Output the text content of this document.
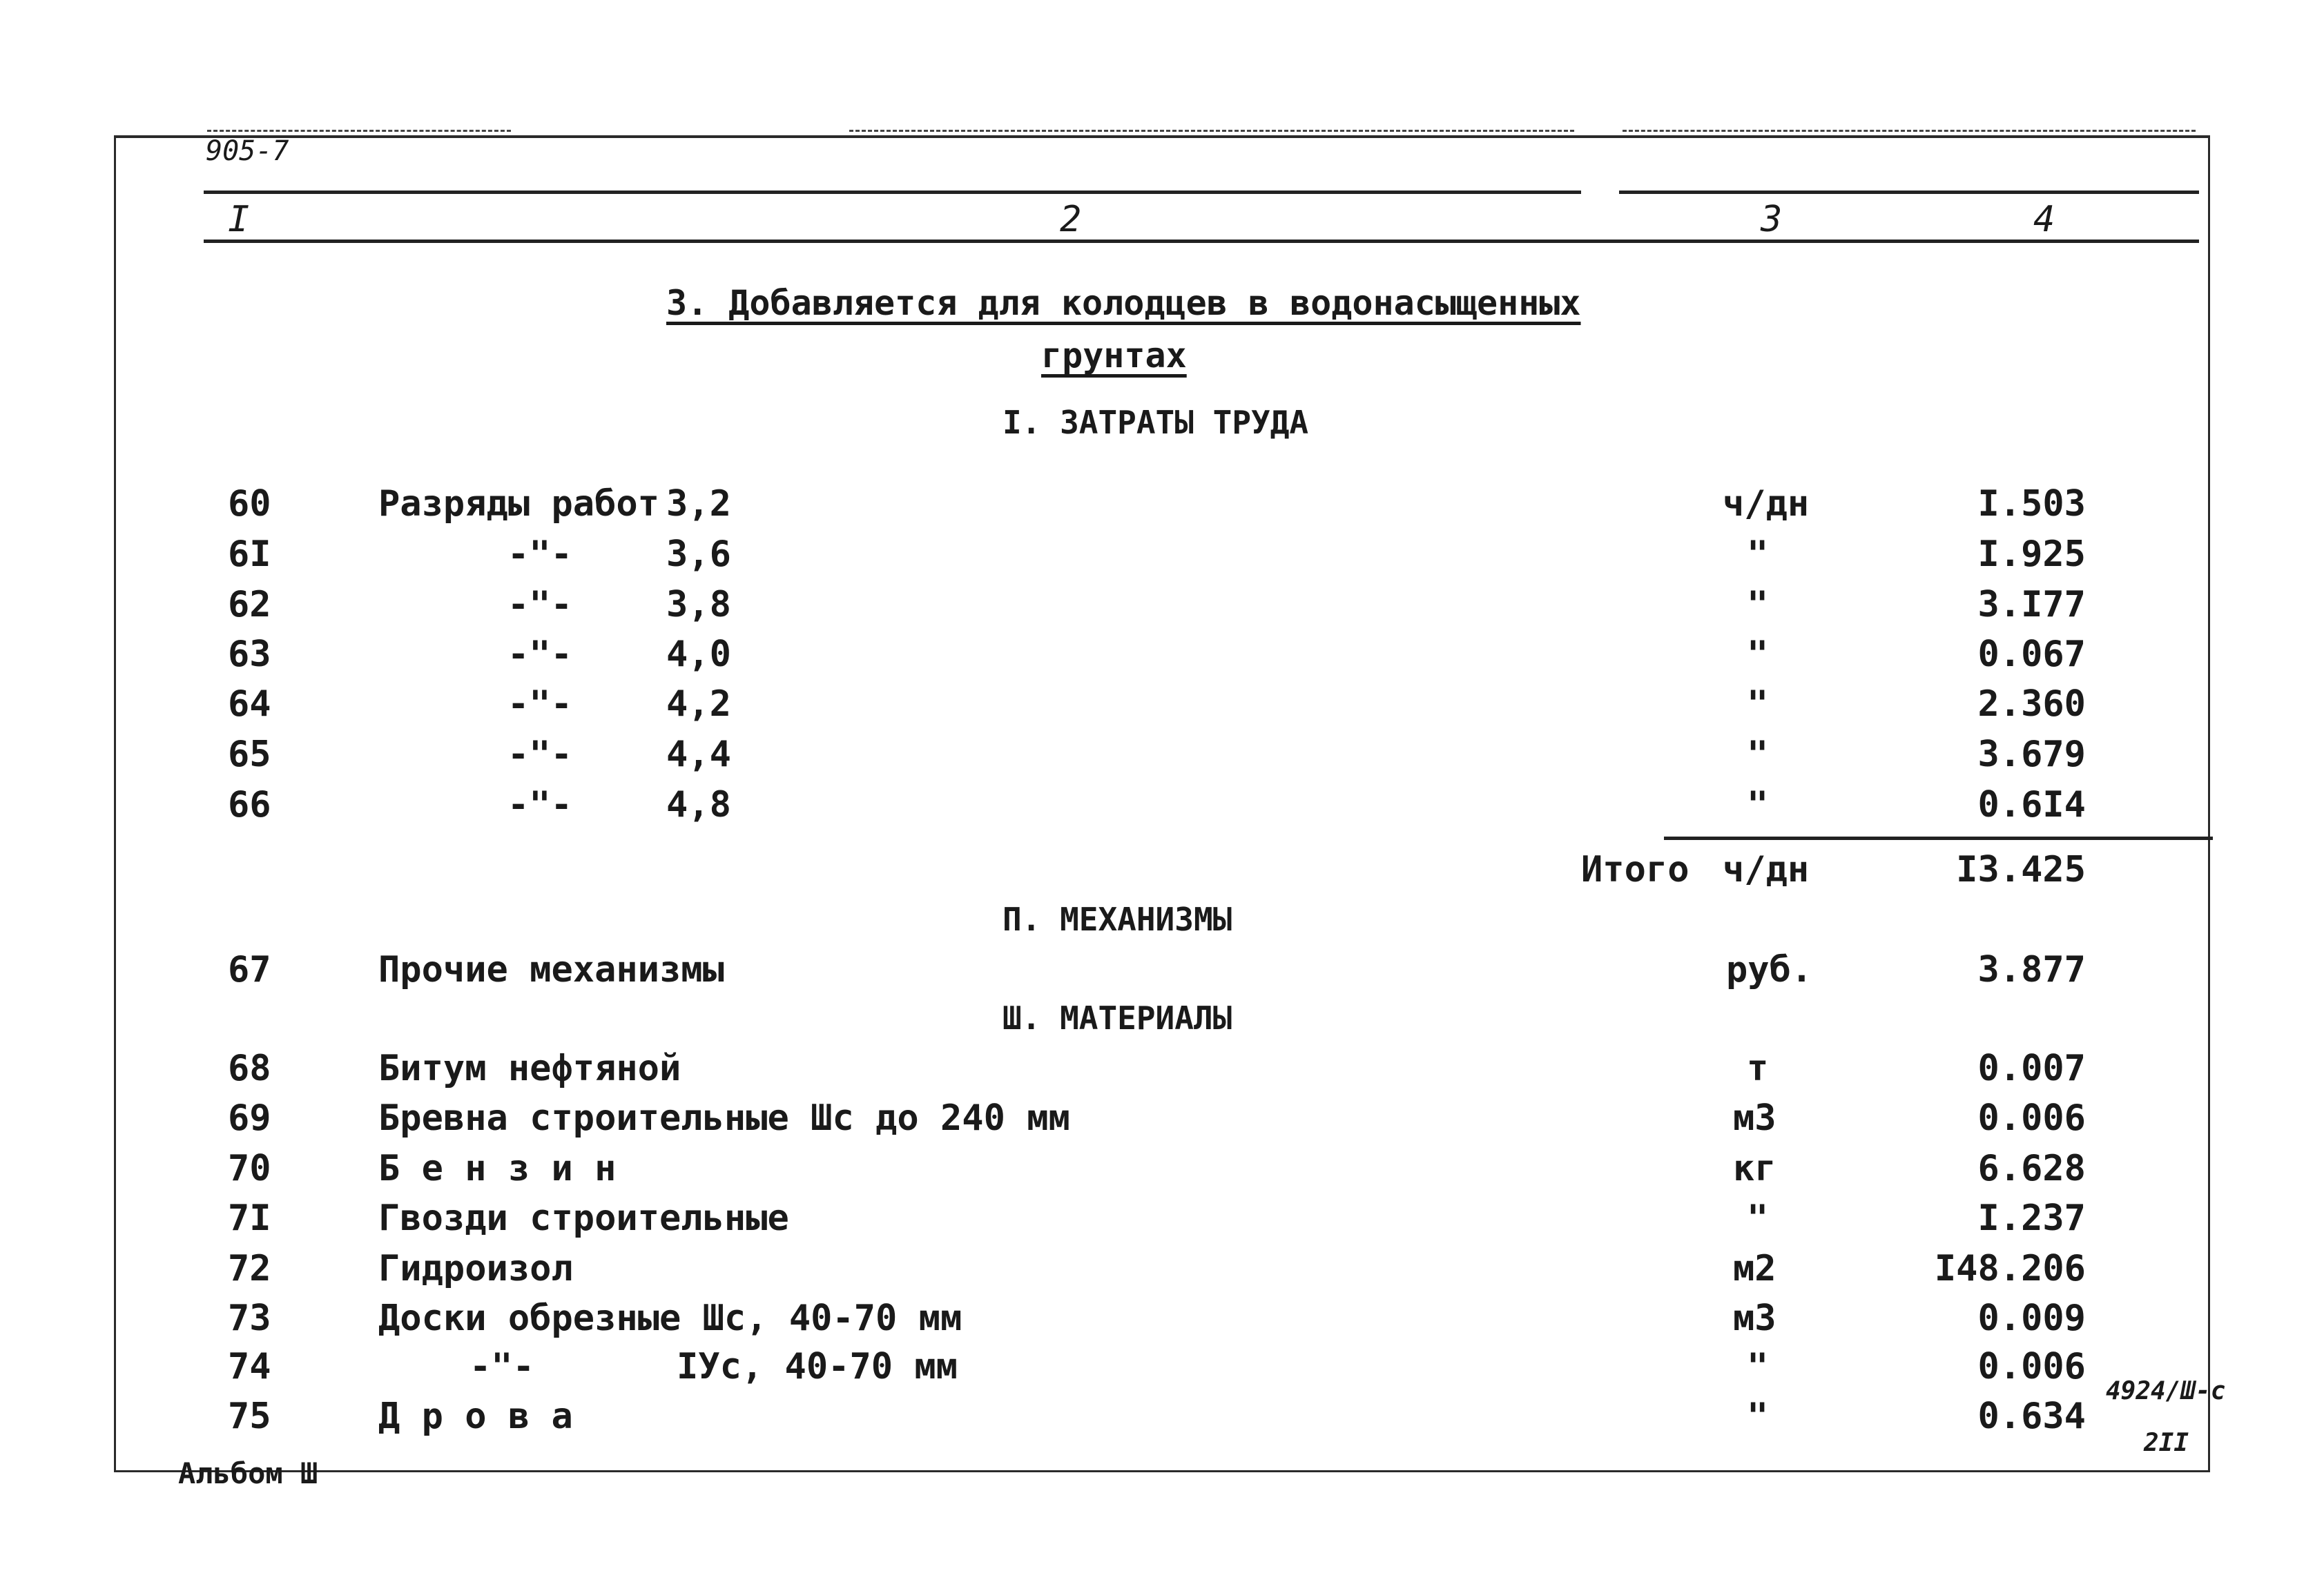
905-7
I	2	3	4
3. Добавляется для колодцев в водонасыщенных
грунтах
I. ЗАТРАТЫ ТРУДА
60	Разряды работ 3,2	ч/дн	I.503
6I	-"-	3,6	"	I.925
62	-"-	3,8	"	3.I77
63	-"-	4,0	"	0.067
64	-"-	4,2	"	2.360
65	-"-	4,4	"	3.679
66	-"-	4,8	"	0.6I4
Итого ч/дн	I3.425
П. МЕХАНИЗМЫ
67	Прочие механизмы	руб.	3.877
Ш. МАТЕРИАЛЫ
68	Битум нефтяной	т	0.007
69	Бревна строительные Шс до 240 мм	м3	0.006
70	Б е н з и н	кг	6.628
7I	Гвозди строительные	"	I.237
72	Гидроизол	м2	I48.206
73	Доски обрезные Шс, 40-70 мм	м3	0.009
74	-"-	IУс, 40-70 мм	"	0.006
75	Д р о в а	"	0.634
4924/Ш-с
2II
Альбом Ш
